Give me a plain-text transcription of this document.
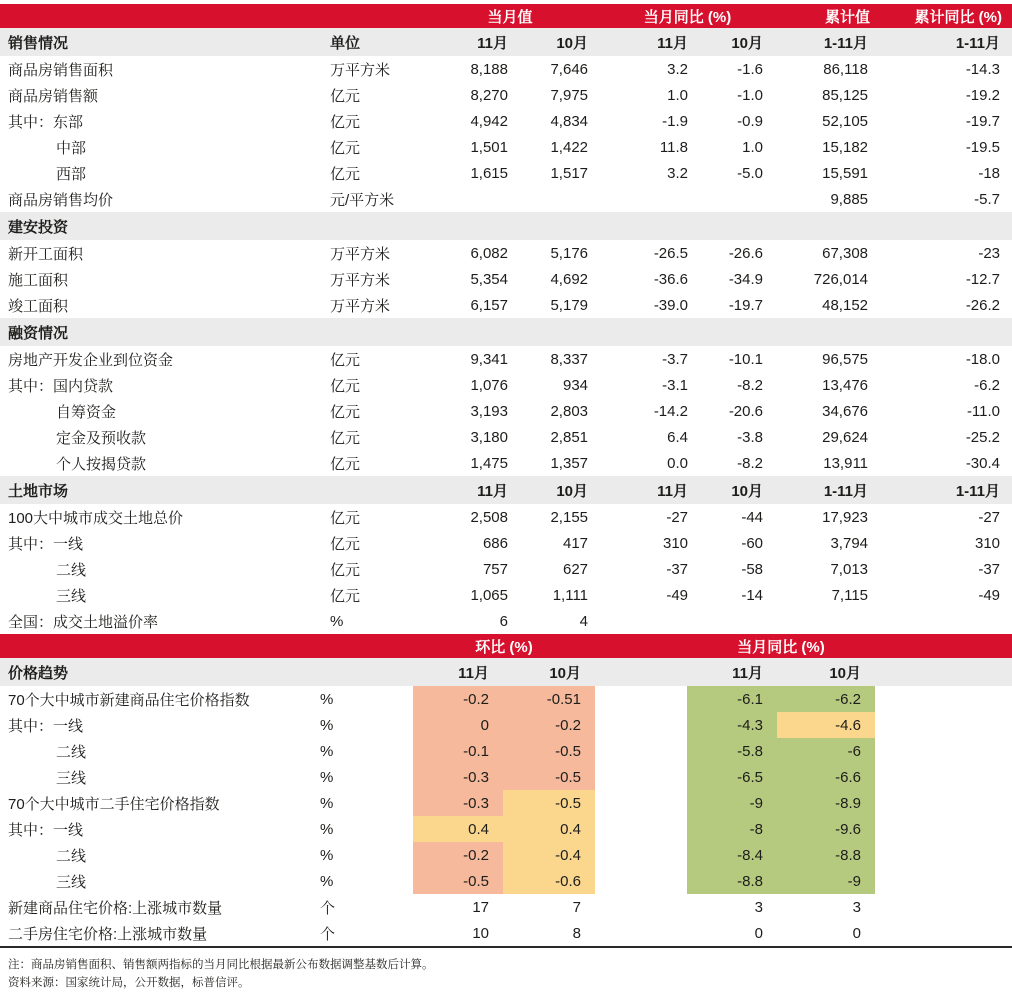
		当月值		当月同比 (%)		累计值	累计同比 (%)
销售情况	单位	11月	10月	11月	10月	1-11月	1-11月
商品房销售面积	万平方米	8,188	7,646	3.2	-1.6	86,118	-14.3
商品房销售额	亿元	8,270	7,975	1.0	-1.0	85,125	-19.2
其中：东部	亿元	4,942	4,834	-1.9	-0.9	52,105	-19.7
中部	亿元	1,501	1,422	11.8	1.0	15,182	-19.5
西部	亿元	1,615	1,517	3.2	-5.0	15,591	-18
商品房销售均价	元/平方米					9,885	-5.7
建安投资							
新开工面积	万平方米	6,082	5,176	-26.5	-26.6	67,308	-23
施工面积	万平方米	5,354	4,692	-36.6	-34.9	726,014	-12.7
竣工面积	万平方米	6,157	5,179	-39.0	-19.7	48,152	-26.2
融资情况							
房地产开发企业到位资金	亿元	9,341	8,337	-3.7	-10.1	96,575	-18.0
其中：国内贷款	亿元	1,076	934	-3.1	-8.2	13,476	-6.2
自筹资金	亿元	3,193	2,803	-14.2	-20.6	34,676	-11.0
定金及预收款	亿元	3,180	2,851	6.4	-3.8	29,624	-25.2
个人按揭贷款	亿元	1,475	1,357	0.0	-8.2	13,911	-30.4
土地市场		11月	10月	11月	10月	1-11月	1-11月
100大中城市成交土地总价	亿元	2,508	2,155	-27	-44	17,923	-27
其中：一线	亿元	686	417	310	-60	3,794	310
二线	亿元	757	627	-37	-58	7,013	-37
三线	亿元	1,065	1,111	-49	-14	7,115	-49
全国：成交土地溢价率	%	6	4				
		环比 (%)			当月同比 (%)		
价格趋势		11月	10月		11月	10月	
70个大中城市新建商品住宅价格指数	%	-0.2	-0.51		-6.1	-6.2	
其中：一线	%	0	-0.2		-4.3	-4.6	
二线	%	-0.1	-0.5		-5.8	-6	
三线	%	-0.3	-0.5		-6.5	-6.6	
70个大中城市二手住宅价格指数	%	-0.3	-0.5		-9	-8.9	
其中：一线	%	0.4	0.4		-8	-9.6	
二线	%	-0.2	-0.4		-8.4	-8.8	
三线	%	-0.5	-0.6		-8.8	-9	
新建商品住宅价格:上涨城市数量	个	17	7		3	3	
二手房住宅价格:上涨城市数量	个	10	8		0	0	
注：商品房销售面积、销售额两指标的当月同比根据最新公布数据调整基数后计算。
资料来源：国家统计局，公开数据，标普信评。
